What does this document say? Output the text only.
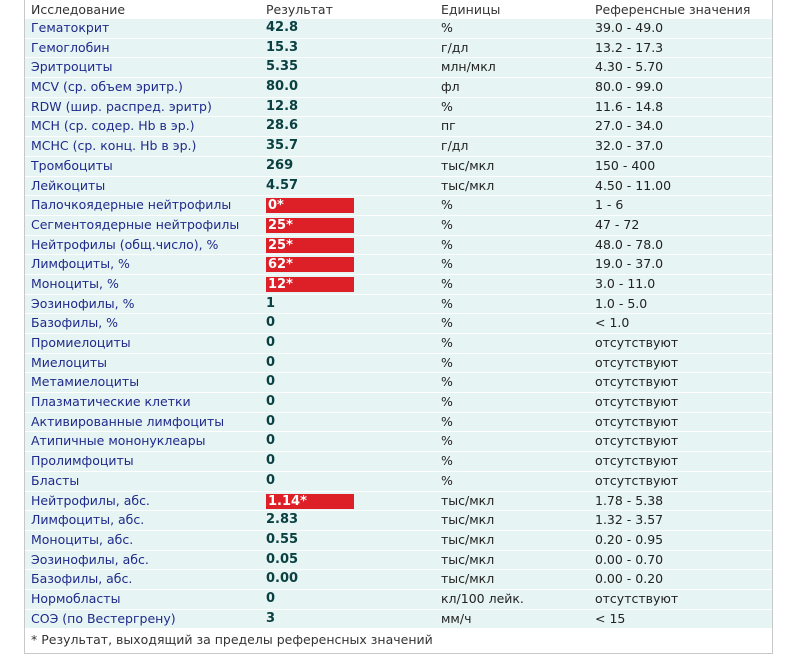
Исследование	Результат	Единицы	Референсные значения
Гематокрит	42.8	%	39.0 - 49.0
Гемоглобин	15.3	г/дл	13.2 - 17.3
Эритроциты	5.35	млн/мкл	4.30 - 5.70
MCV (ср. объем эритр.)	80.0	фл	80.0 - 99.0
RDW (шир. распред. эритр)	12.8	%	11.6 - 14.8
MCH (ср. содер. Hb в эр.)	28.6	пг	27.0 - 34.0
MCHC (ср. конц. Hb в эр.)	35.7	г/дл	32.0 - 37.0
Тромбоциты	269	тыс/мкл	150 - 400
Лейкоциты	4.57	тыс/мкл	4.50 - 11.00
Палочкоядерные нейтрофилы	0*	%	1 - 6
Сегментоядерные нейтрофилы 25*	%	47 - 72
Нейтрофилы (общ.число), %	25*	%	48.0 - 78.0
Лимфоциты, %	62*	%	19.0 - 37.0
Моноциты, %	12*	%	3.0 - 11.0
Эозинофилы, %	1	%	1.0 - 5.0
Базофилы, %	0	%	< 1.0
Промиелоциты	0	%	отсутствуют
Миелоциты	0	%	отсутствуют
Метамиелоциты	0	%	отсутствуют
Плазматические клетки	0	%	отсутствуют
Активированные лимфоциты	0	%	отсутствуют
Атипичные мононуклеары	0	%	отсутствуют
Пролимфоциты	0	%	отсутствуют
Бласты	0	%	отсутствуют
Нейтрофилы, абс.	1.14*	тыс/мкл	1.78 - 5.38
Лимфоциты, абс.	2.83	тыс/мкл	1.32 - 3.57
Моноциты, абс.	0.55	тыс/мкл	0.20 - 0.95
Эозинофилы, абс.	0.05	тыс/мкл	0.00 - 0.70
Базофилы, абс.	0.00	тыс/мкл	0.00 - 0.20
Нормобласты	0	кл/100 лейк.	отсутствуют
СОЭ (по Вестергрену)	3	мм/ч	< 15
* Результат, выходящий за пределы референсных значений
